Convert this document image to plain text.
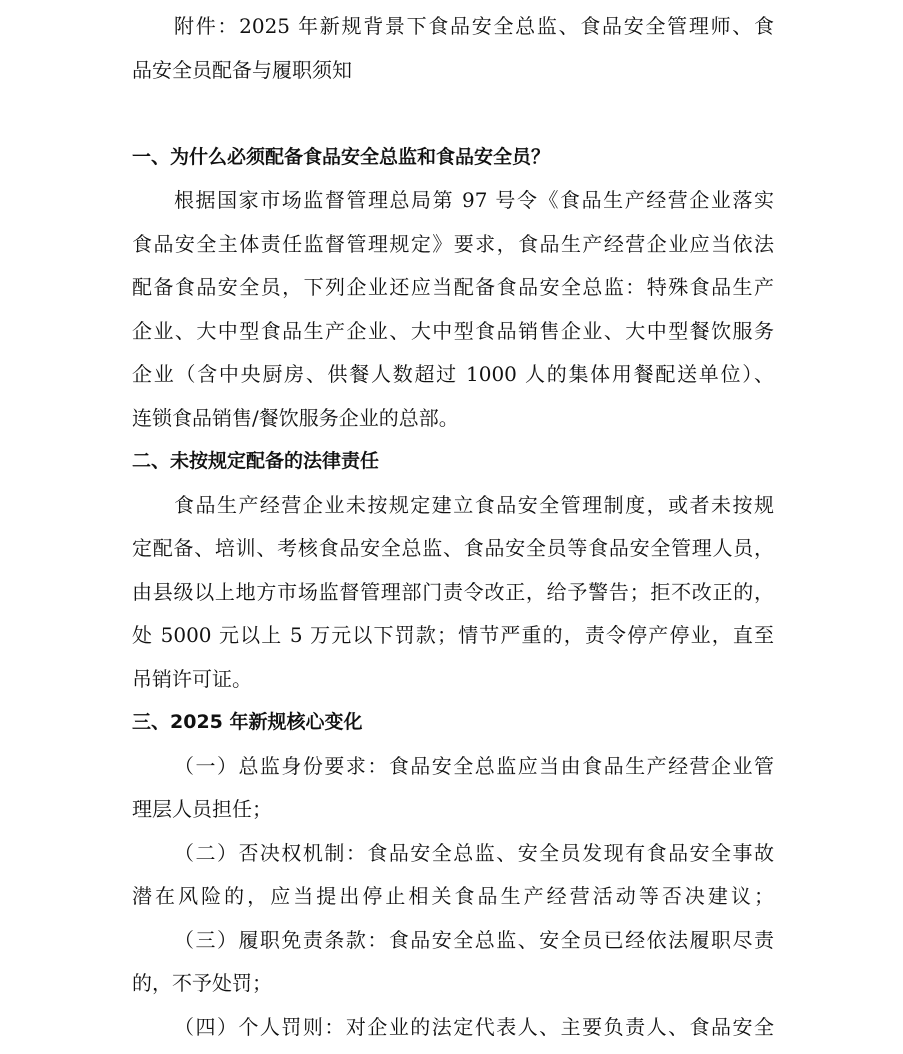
附件：2025 年新规背景下食品安全总监、食品安全管理师、食
品安全员配备与履职须知
一、为什么必须配备食品安全总监和食品安全员？
根据国家市场监督管理总局第 97 号令《食品生产经营企业落实
食品安全主体责任监督管理规定》要求，食品生产经营企业应当依法
配备食品安全员，下列企业还应当配备食品安全总监：特殊食品生产
企业、大中型食品生产企业、大中型食品销售企业、大中型餐饮服务
企业（含中央厨房、供餐人数超过 1000 人的集体用餐配送单位）、
连锁食品销售/餐饮服务企业的总部。
二、未按规定配备的法律责任
食品生产经营企业未按规定建立食品安全管理制度，或者未按规
定配备、培训、考核食品安全总监、食品安全员等食品安全管理人员，
由县级以上地方市场监督管理部门责令改正，给予警告；拒不改正的，
处 5000 元以上 5 万元以下罚款；情节严重的，责令停产停业，直至
吊销许可证。
三、2025 年新规核心变化
（一）总监身份要求：食品安全总监应当由食品生产经营企业管
理层人员担任；
（二）否决权机制：食品安全总监、安全员发现有食品安全事故
潜在风险的，应当提出停止相关食品生产经营活动等否决建议；
（三）履职免责条款：食品安全总监、安全员已经依法履职尽责
的，不予处罚；
（四）个人罚则：对企业的法定代表人、主要负责人、食品安全
